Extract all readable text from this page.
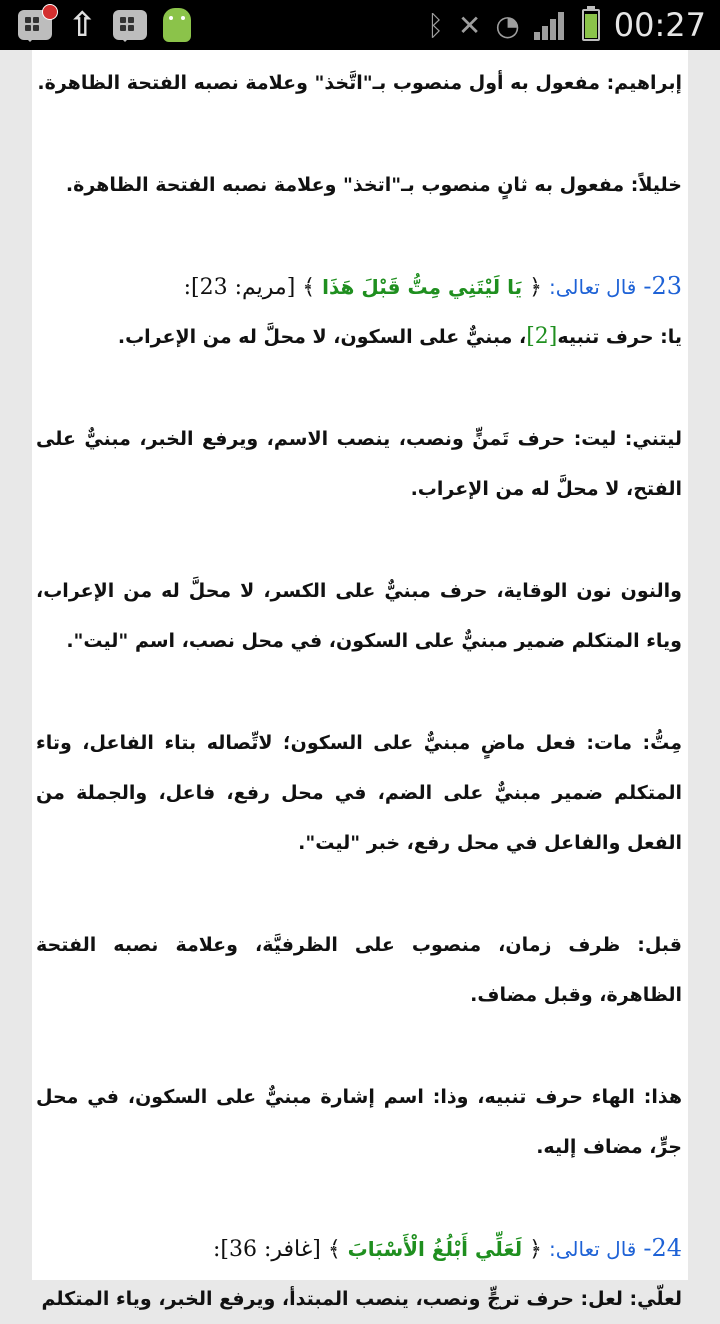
⇧	ᛒ ✕ ◔	00:27

إبراهيم: مفعول به أول منصوب بـ"اتَّخذ" وعلامة نصبه الفتحة الظاهرة.

خليلاً: مفعول به ثانٍ منصوب بـ"اتخذ" وعلامة نصبه الفتحة الظاهرة.

23- قال تعالى: ﴿ يَا لَيْتَنِي مِتُّ قَبْلَ هَذَا ﴾ [مريم: 23]:

يا: حرف تنبيه[2]، مبنيٌّ على السكون، لا محلَّ له من الإعراب.

ليتني: ليت: حرف تَمنٍّ ونصب، ينصب الاسم، ويرفع الخبر، مبنيٌّ على الفتح، لا محلَّ له من الإعراب.

والنون نون الوقاية، حرف مبنيٌّ على الكسر، لا محلَّ له من الإعراب، وياء المتكلم ضمير مبنيٌّ على السكون، في محل نصب، اسم "ليت".

مِتُّ: مات: فعل ماضٍ مبنيٌّ على السكون؛ لاتِّصاله بتاء الفاعل، وتاء المتكلم ضمير مبنيٌّ على الضم، في محل رفع، فاعل، والجملة من الفعل والفاعل في محل رفع، خبر "ليت".

قبل: ظرف زمان، منصوب على الظرفيَّة، وعلامة نصبه الفتحة الظاهرة، وقبل مضاف.

هذا: الهاء حرف تنبيه، وذا: اسم إشارة مبنيٌّ على السكون، في محل جرٍّ، مضاف إليه.

24- قال تعالى: ﴿ لَعَلِّي أَبْلُغُ الْأَسْبَابَ ﴾ [غافر: 36]:

لعلّي: لعل: حرف ترجٍّ ونصب، ينصب المبتدأ، ويرفع الخبر، وياء المتكلم
